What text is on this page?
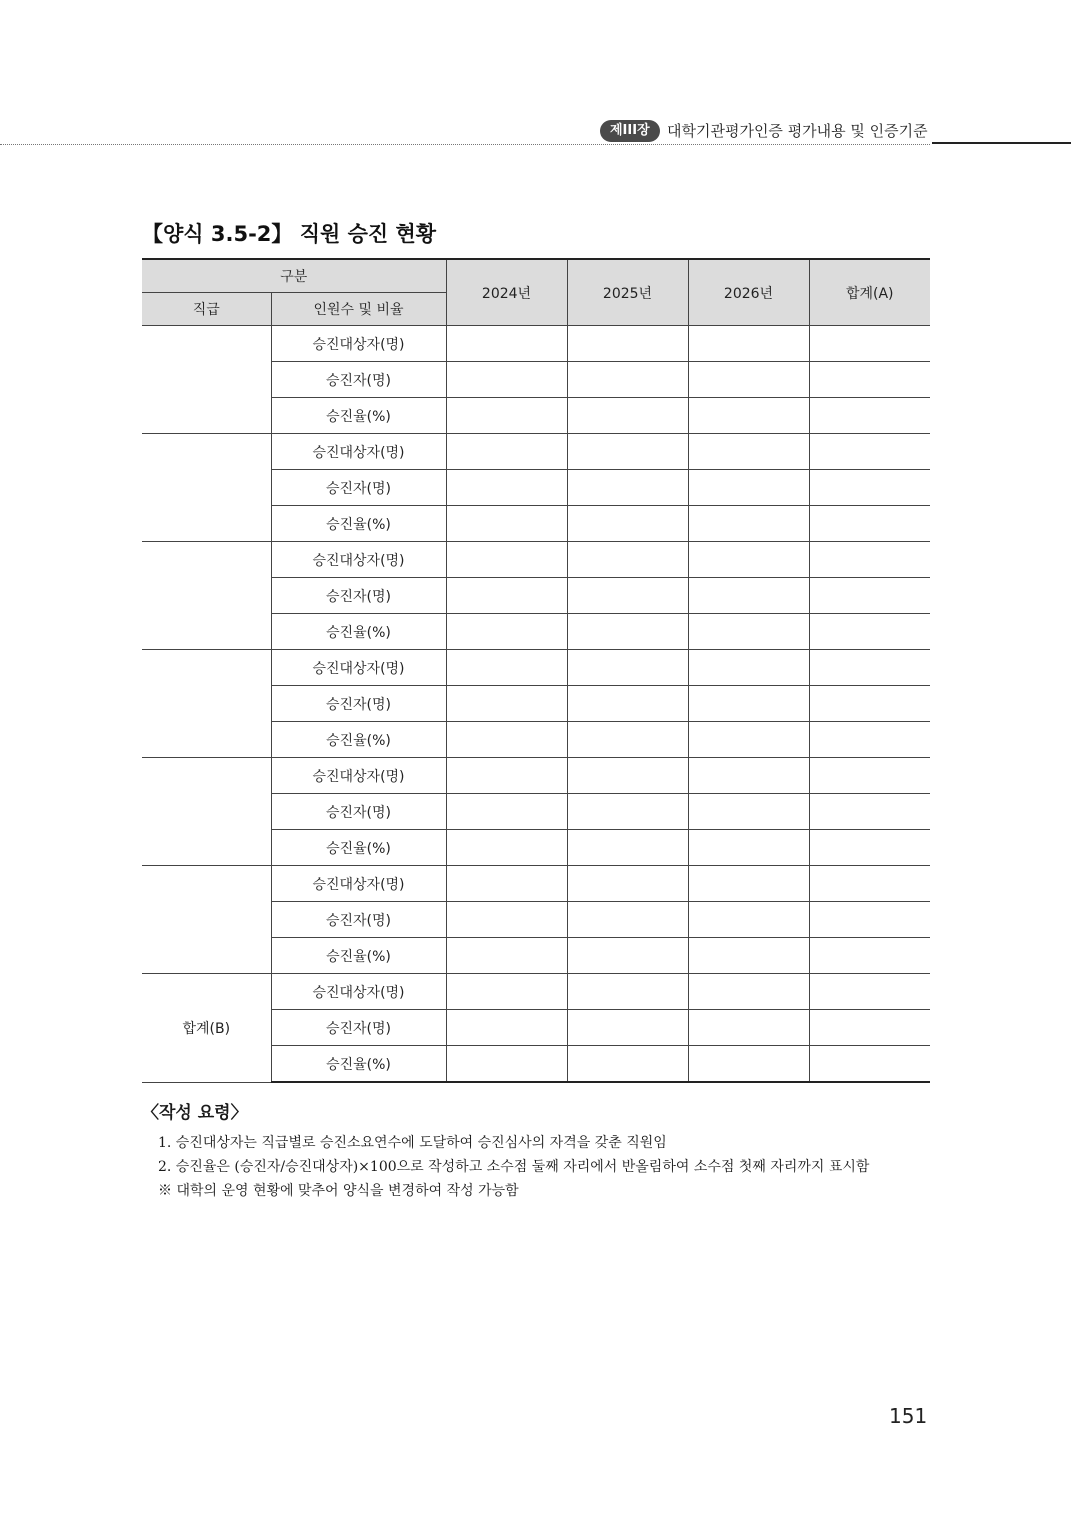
제III장	대학기관평가인증 평가내용 및 인증기준
【양식 3.5-2】 직원 승진 현황
구분		2024년	2025년	2026년	합계(A)
직급	인원수 및 비율				
	승진대상자(명)				
	승진자(명)				
	승진율(%)				
	승진대상자(명)				
	승진자(명)				
	승진율(%)				
	승진대상자(명)				
	승진자(명)				
	승진율(%)				
	승진대상자(명)				
	승진자(명)				
	승진율(%)				
	승진대상자(명)				
	승진자(명)				
	승진율(%)				
	승진대상자(명)				
	승진자(명)				
	승진율(%)				
합계(B)	승진대상자(명)				
	승진자(명)				
	승진율(%)				
〈작성 요령〉
1. 승진대상자는 직급별로 승진소요연수에 도달하여 승진심사의 자격을 갖춘 직원임
2. 승진율은 (승진자/승진대상자)×100으로 작성하고 소수점 둘째 자리에서 반올림하여 소수점 첫째 자리까지 표시함
※ 대학의 운영 현황에 맞추어 양식을 변경하여 작성 가능함
151
